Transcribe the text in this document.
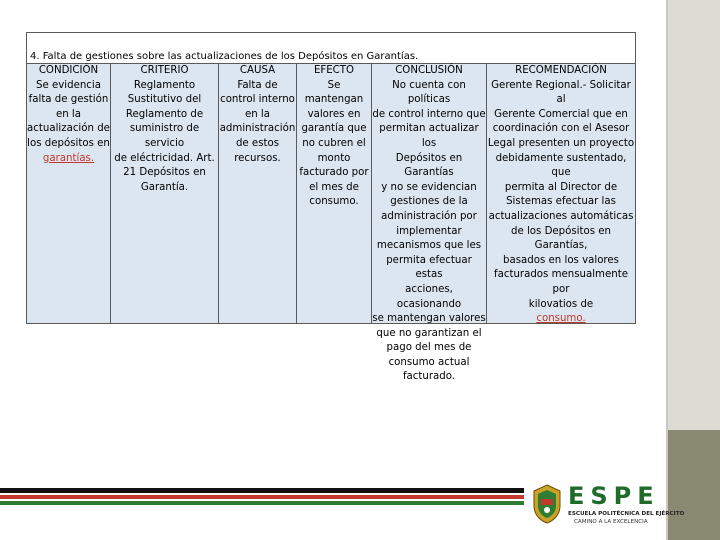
4. Falta de gestiones sobre las actualizaciones de los Depósitos en Garantías.
CONDICIÓN
Se evidencia
falta de gestión
en la
actualización de
los depósitos en
garantías.
CRITERIO
Reglamento
Sustitutivo del
Reglamento de
suministro de servicio
de eléctricidad. Art.
21 Depósitos en
Garantía.
CAUSA
Falta de
control interno
en la
administración
de estos
recursos.
EFECTO
Se mantengan
valores en
garantía que
no cubren el
monto
facturado por
el mes de
consumo.
CONCLUSIÓN
No cuenta con políticas
de control interno que
permitan actualizar los
Depósitos en Garantías
y no se evidencian
gestiones de la
administración por
implementar
mecanismos que les
permita efectuar estas
acciones, ocasionando
se mantengan valores
que no garantizan el
pago del mes de
consumo actual
facturado.
RECOMENDACIÓN
Gerente Regional.- Solicitar al
Gerente Comercial que en
coordinación con el Asesor
Legal presenten un proyecto
debidamente sustentado, que
permita al Director de
Sistemas efectuar las
actualizaciones automáticas
de los Depósitos en Garantías,
basados en los valores
facturados mensualmente por
kilovatios de
consumo.
ESPE
ESCUELA POLITÉCNICA DEL EJÉRCITO
CAMINO A LA EXCELENCIA
